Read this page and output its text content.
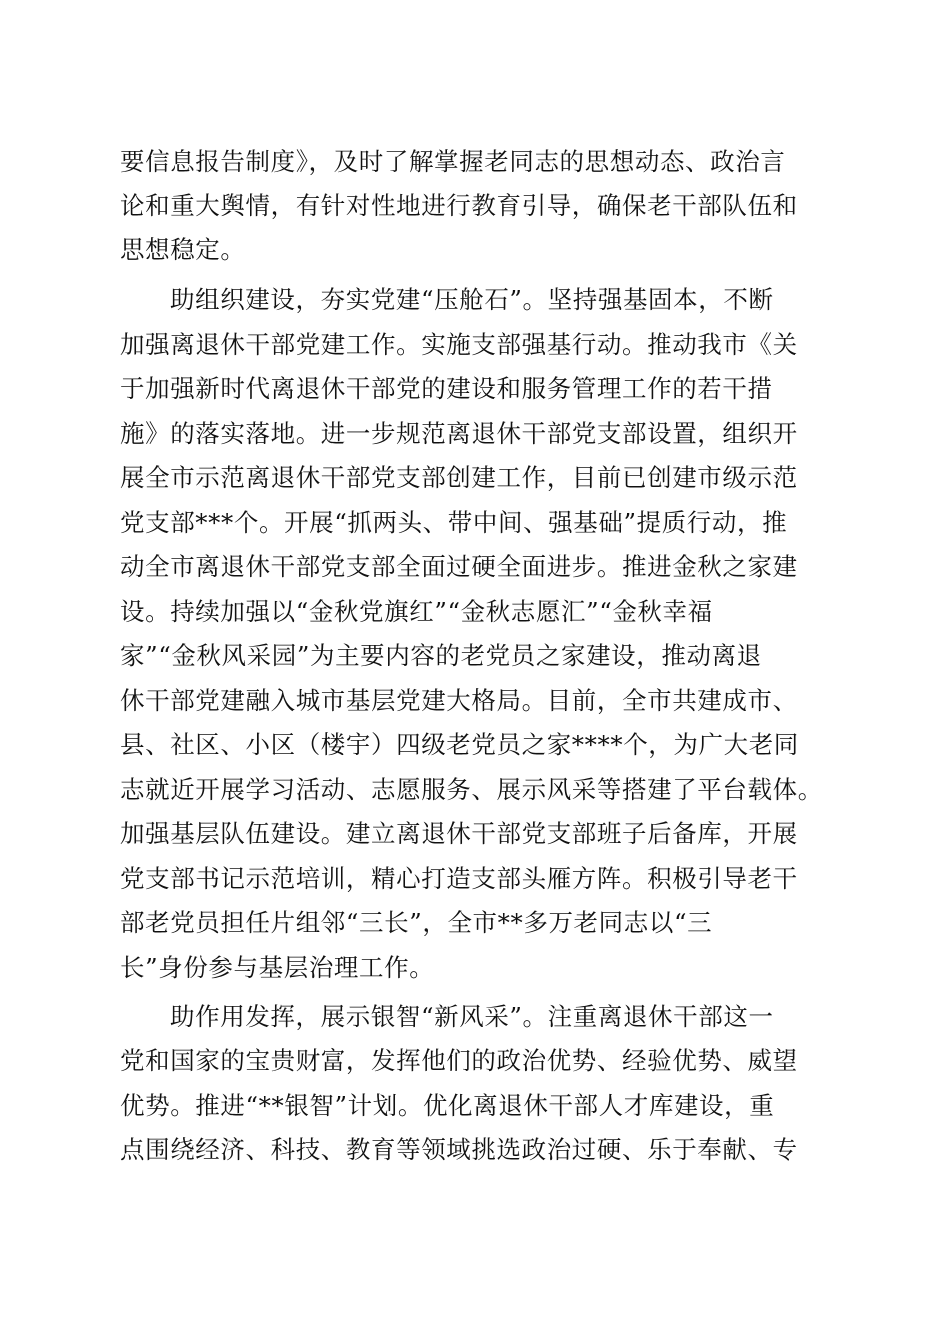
要信息报告制度》，及时了解掌握老同志的思想动态、政治言
论和重大舆情，有针对性地进行教育引导，确保老干部队伍和
思想稳定。
助组织建设，夯实党建“压舱石”。坚持强基固本，不断
加强离退休干部党建工作。实施支部强基行动。推动我市《关
于加强新时代离退休干部党的建设和服务管理工作的若干措
施》的落实落地。进一步规范离退休干部党支部设置，组织开
展全市示范离退休干部党支部创建工作，目前已创建市级示范
党支部***个。开展“抓两头、带中间、强基础”提质行动，推
动全市离退休干部党支部全面过硬全面进步。推进金秋之家建
设。持续加强以“金秋党旗红”“金秋志愿汇”“金秋幸福
家”“金秋风采园”为主要内容的老党员之家建设，推动离退
休干部党建融入城市基层党建大格局。目前，全市共建成市、
县、社区、小区（楼宇）四级老党员之家****个，为广大老同
志就近开展学习活动、志愿服务、展示风采等搭建了平台载体。
加强基层队伍建设。建立离退休干部党支部班子后备库，开展
党支部书记示范培训，精心打造支部头雁方阵。积极引导老干
部老党员担任片组邻“三长”，全市**多万老同志以“三
长”身份参与基层治理工作。
助作用发挥，展示银智“新风采”。注重离退休干部这一
党和国家的宝贵财富，发挥他们的政治优势、经验优势、威望
优势。推进“**银智”计划。优化离退休干部人才库建设，重
点围绕经济、科技、教育等领域挑选政治过硬、乐于奉献、专
